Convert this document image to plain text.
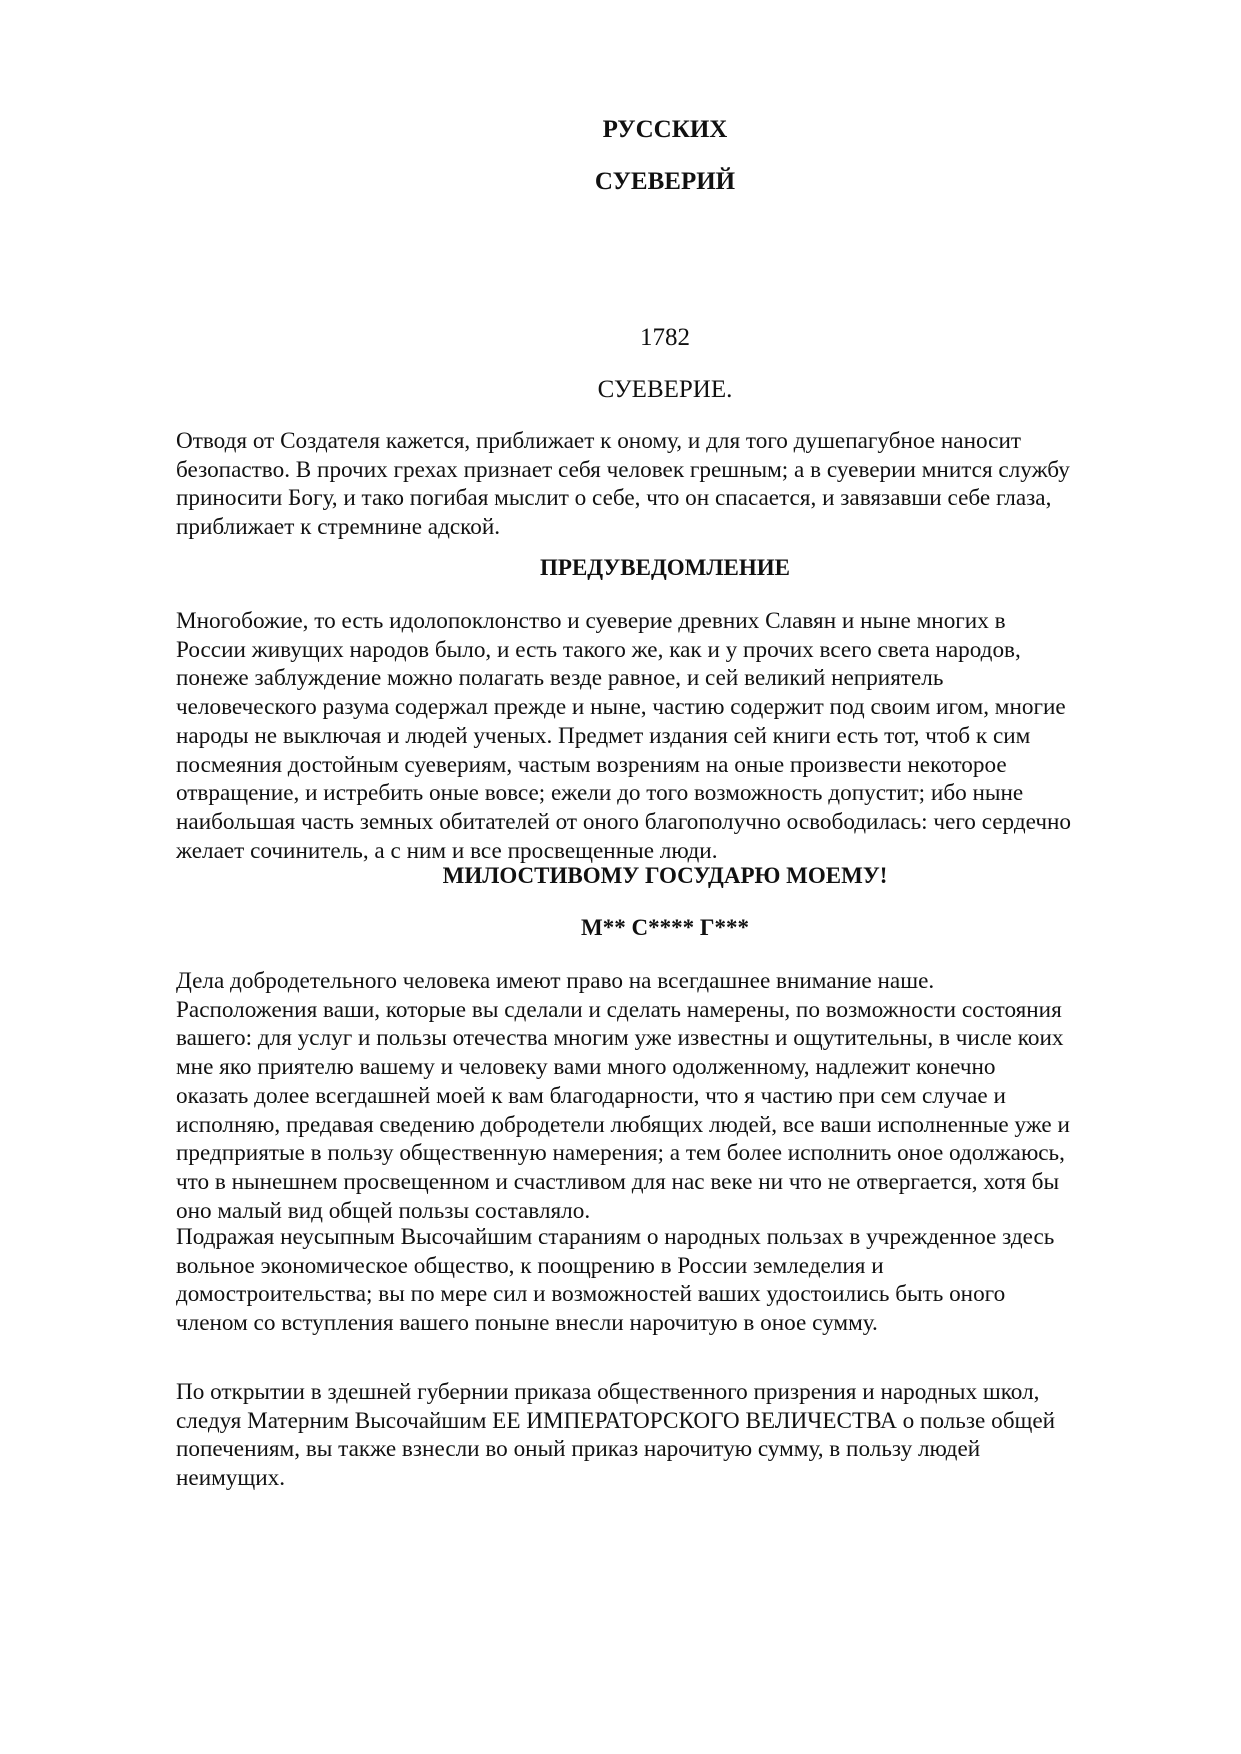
РУССКИХ
СУЕВЕРИЙ
1782
СУЕВЕРИЕ.
Отводя от Создателя кажется, приближает к оному, и для того душепагубное наносит
безопаство. В прочих грехах признает себя человек грешным; а в суеверии мнится службу
приносити Богу, и тако погибая мыслит о себе, что он спасается, и завязавши себе глаза,
приближает к стремнине адской.
ПРЕДУВЕДОМЛЕНИЕ
Многобожие, то есть идолопоклонство и суеверие древних Славян и ныне многих в
России живущих народов было, и есть такого же, как и у прочих всего света народов,
понеже заблуждение можно полагать везде равное, и сей великий неприятель
человеческого разума содержал прежде и ныне, частию содержит под своим игом, многие
народы не выключая и людей ученых. Предмет издания сей книги есть тот, чтоб к сим
посмеяния достойным суевериям, частым возрениям на оные произвести некоторое
отвращение, и истребить оные вовсе; ежели до того возможность допустит; ибо ныне
наибольшая часть земных обитателей от оного благополучно освободилась: чего сердечно
желает сочинитель, а с ним и все просвещенные люди.
МИЛОСТИВОМУ ГОСУДАРЮ МОЕМУ!
М** С**** Г***
Дела добродетельного человека имеют право на всегдашнее внимание наше.
Расположения ваши, которые вы сделали и сделать намерены, по возможности состояния
вашего: для услуг и пользы отечества многим уже известны и ощутительны, в числе коих
мне яко приятелю вашему и человеку вами много одолженному, надлежит конечно
оказать долее всегдашней моей к вам благодарности, что я частию при сем случае и
исполняю, предавая сведению добродетели любящих людей, все ваши исполненные уже и
предприятые в пользу общественную намерения; а тем более исполнить оное одолжаюсь,
что в нынешнем просвещенном и счастливом для нас веке ни что не отвергается, хотя бы
оно малый вид общей пользы составляло.
Подражая неусыпным Высочайшим стараниям о народных пользах в учрежденное здесь
вольное экономическое общество, к поощрению в России земледелия и
домостроительства; вы по мере сил и возможностей ваших удостоились быть оного
членом со вступления вашего поныне внесли нарочитую в оное сумму.
По открытии в здешней губернии приказа общественного призрения и народных школ,
следуя Матерним Высочайшим ЕЕ ИМПЕРАТОРСКОГО ВЕЛИЧЕСТВА о пользе общей
попечениям, вы также взнесли во оный приказ нарочитую сумму, в пользу людей
неимущих.
